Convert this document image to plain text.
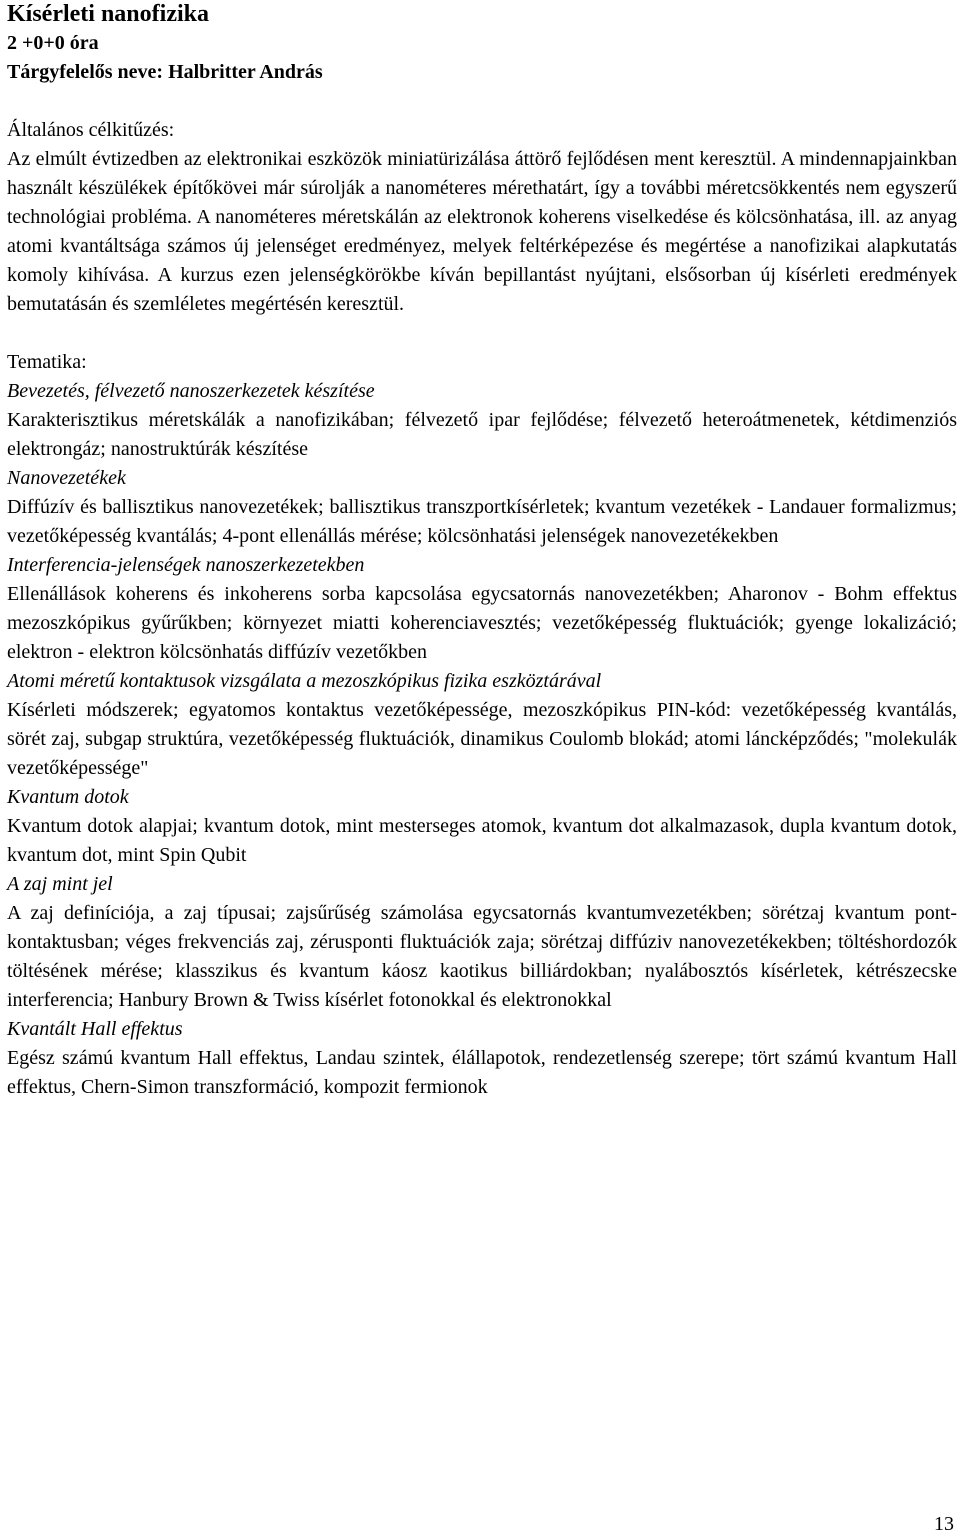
Kísérleti nanofizika
2 +0+0 óra
Tárgyfelelős neve: Halbritter András
Általános célkitűzés:
Az elmúlt évtizedben az elektronikai eszközök miniatürizálása áttörő fejlődésen ment keresztül. A mindennapjainkban használt készülékek építőkövei már súrolják a nanométeres mérethatárt, így a további méretcsökkentés nem egyszerű technológiai probléma. A nanométeres méretskálán az elektronok koherens viselkedése és kölcsönhatása, ill. az anyag atomi kvantáltsága számos új jelenséget eredményez, melyek feltérképezése és megértése a nanofizikai alapkutatás komoly kihívása. A kurzus ezen jelenségkörökbe kíván bepillantást nyújtani, elsősorban új kísérleti eredmények bemutatásán és szemléletes megértésén keresztül.
Tematika:
Bevezetés, félvezető nanoszerkezetek készítése
Karakterisztikus méretskálák a nanofizikában; félvezető ipar fejlődése; félvezető heteroátmenetek, kétdimenziós elektrongáz; nanostruktúrák készítése
Nanovezetékek
Diffúzív és ballisztikus nanovezetékek; ballisztikus transzportkísérletek; kvantum vezetékek - Landauer formalizmus; vezetőképesség kvantálás; 4-pont ellenállás mérése; kölcsönhatási jelenségek nanovezetékekben
Interferencia-jelenségek nanoszerkezetekben
Ellenállások koherens és inkoherens sorba kapcsolása egycsatornás nanovezetékben; Aharonov - Bohm effektus mezoszkópikus gyűrűkben; környezet miatti koherenciavesztés; vezetőképesség fluktuációk; gyenge lokalizáció; elektron - elektron kölcsönhatás diffúzív vezetőkben
Atomi méretű kontaktusok vizsgálata a mezoszkópikus fizika eszköztárával
Kísérleti módszerek; egyatomos kontaktus vezetőképessége, mezoszkópikus PIN-kód: vezetőképesség kvantálás, sörét zaj, subgap struktúra, vezetőképesség fluktuációk, dinamikus Coulomb blokád; atomi láncképződés; "molekulák vezetőképessége"
Kvantum dotok
Kvantum dotok alapjai; kvantum dotok, mint mesterseges atomok, kvantum dot alkalmazasok, dupla kvantum dotok, kvantum dot, mint Spin Qubit
A zaj mint jel
A zaj definíciója, a zaj típusai; zajsűrűség számolása egycsatornás kvantumvezetékben; sörétzaj kvantum pont-kontaktusban; véges frekvenciás zaj, zérusponti fluktuációk zaja; sörétzaj diffúziv nanovezetékekben; töltéshordozók töltésének mérése; klasszikus és kvantum káosz kaotikus billiárdokban; nyalábosztós kísérletek, kétrészecske interferencia; Hanbury Brown & Twiss kísérlet fotonokkal és elektronokkal
Kvantált Hall effektus
Egész számú kvantum Hall effektus, Landau szintek, élállapotok, rendezetlenség szerepe; tört számú kvantum Hall effektus, Chern-Simon transzformáció, kompozit fermionok
13
